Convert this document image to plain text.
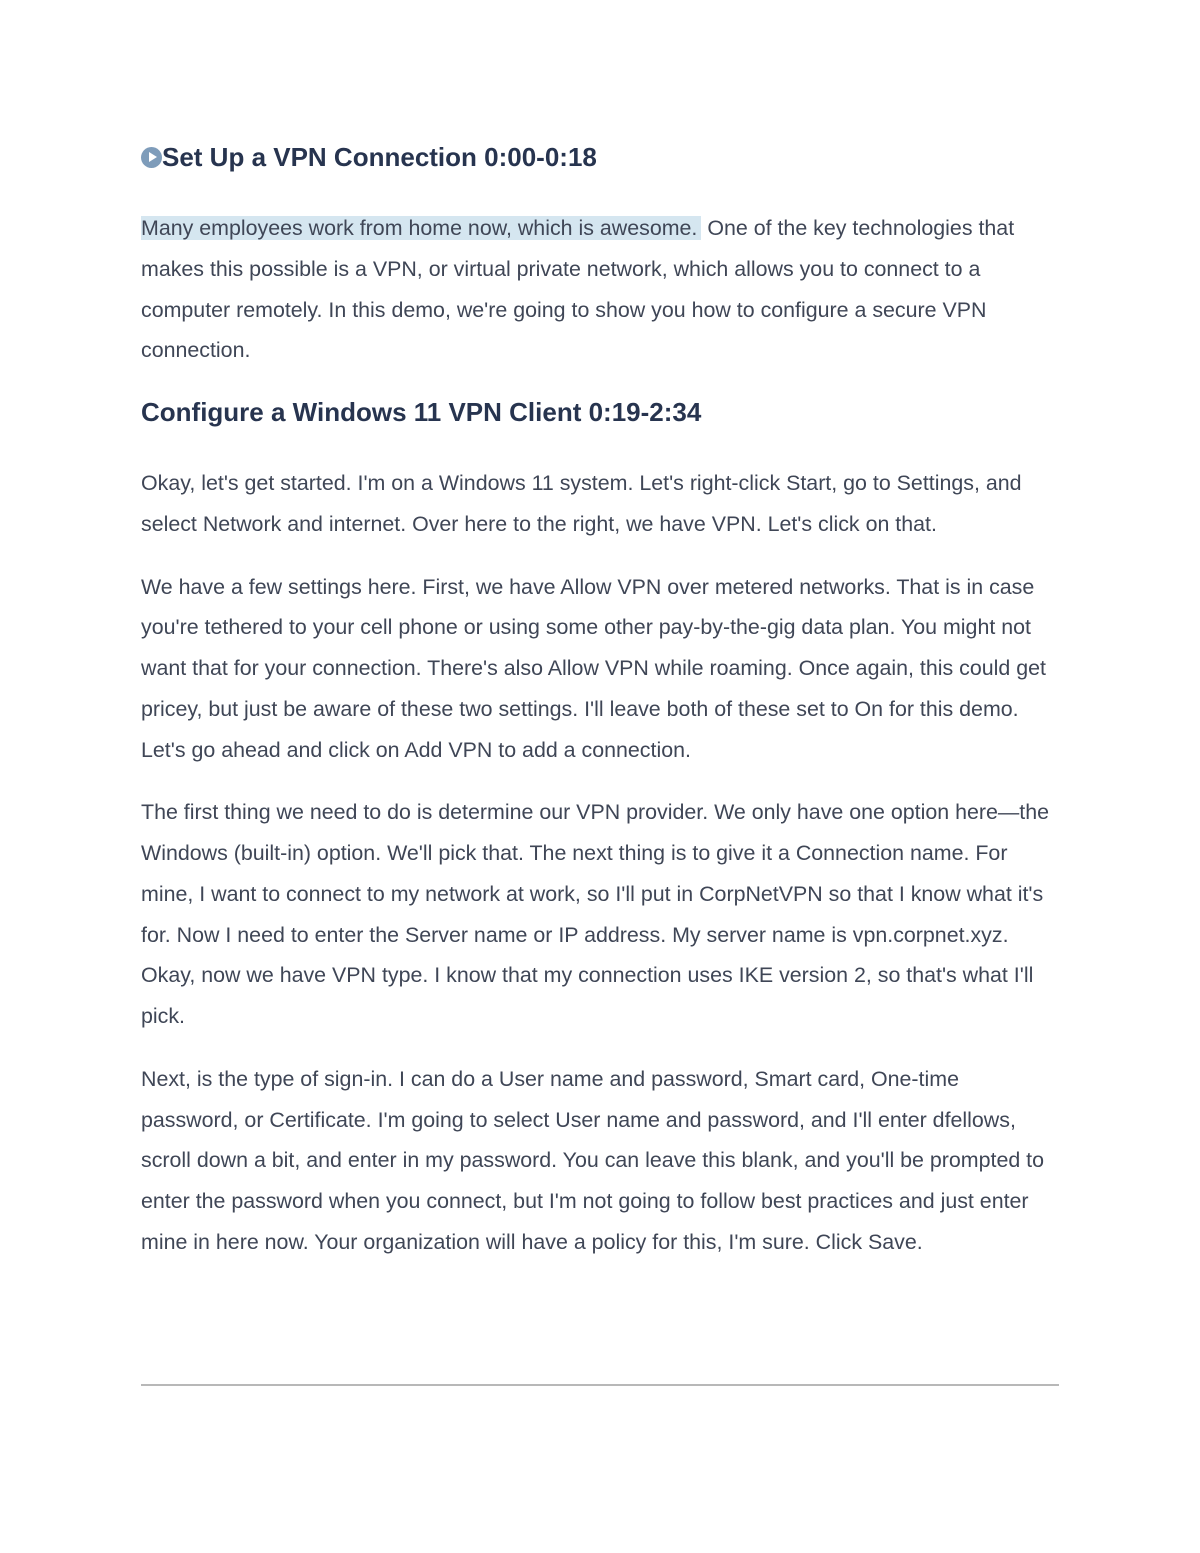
Set Up a VPN Connection 0:00-0:18

Many employees work from home now, which is awesome. One of the key technologies that makes this possible is a VPN, or virtual private network, which allows you to connect to a computer remotely. In this demo, we're going to show you how to configure a secure VPN connection.

Configure a Windows 11 VPN Client 0:19-2:34

Okay, let's get started. I'm on a Windows 11 system. Let's right-click Start, go to Settings, and select Network and internet. Over here to the right, we have VPN. Let's click on that.

We have a few settings here. First, we have Allow VPN over metered networks. That is in case you're tethered to your cell phone or using some other pay-by-the-gig data plan. You might not want that for your connection. There's also Allow VPN while roaming. Once again, this could get pricey, but just be aware of these two settings. I'll leave both of these set to On for this demo. Let's go ahead and click on Add VPN to add a connection.

The first thing we need to do is determine our VPN provider. We only have one option here—the Windows (built-in) option. We'll pick that. The next thing is to give it a Connection name. For mine, I want to connect to my network at work, so I'll put in CorpNetVPN so that I know what it's for. Now I need to enter the Server name or IP address. My server name is vpn.corpnet.xyz. Okay, now we have VPN type. I know that my connection uses IKE version 2, so that's what I'll pick.

Next, is the type of sign-in. I can do a User name and password, Smart card, One-time password, or Certificate. I'm going to select User name and password, and I'll enter dfellows, scroll down a bit, and enter in my password. You can leave this blank, and you'll be prompted to enter the password when you connect, but I'm not going to follow best practices and just enter mine in here now. Your organization will have a policy for this, I'm sure. Click Save.
